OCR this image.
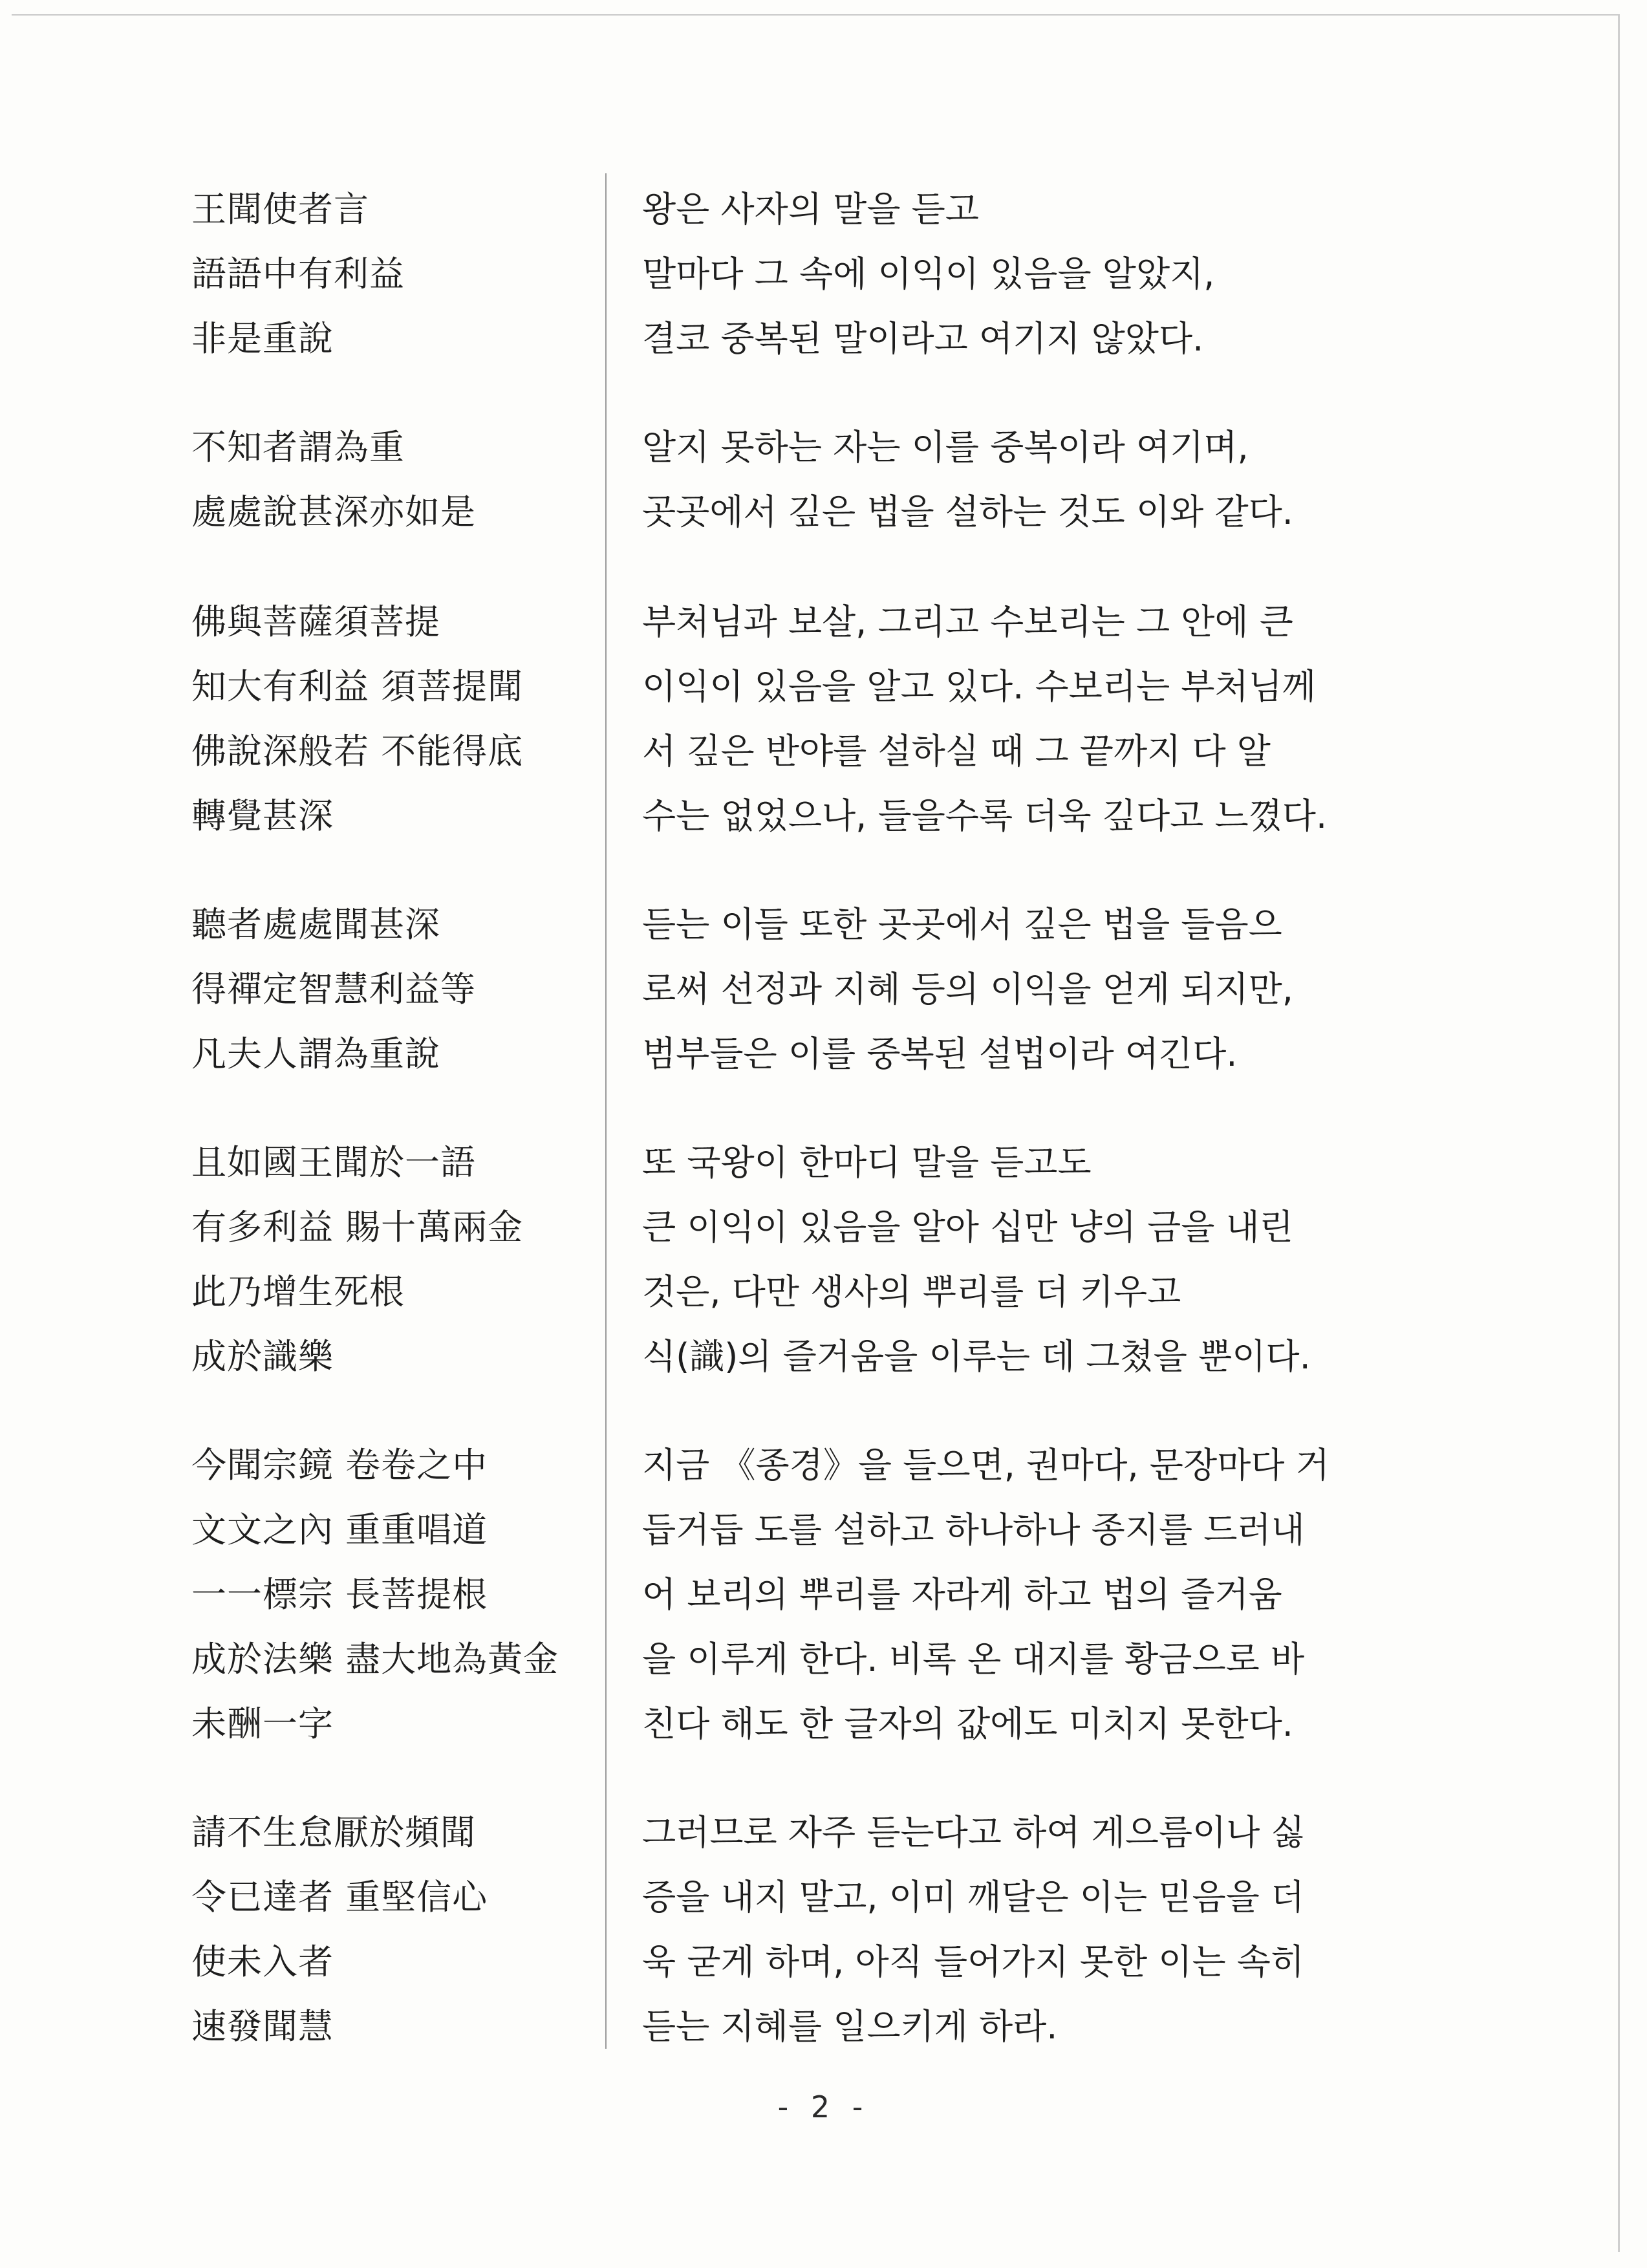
王聞使者言
語語中有利益
非是重說
不知者謂為重
處處說甚深亦如是
佛與菩薩須菩提
知大有利益 須菩提聞
佛說深般若 不能得底
轉覺甚深
聽者處處聞甚深
得禪定智慧利益等
凡夫人謂為重說
且如國王聞於一語
有多利益 賜十萬兩金
此乃增生死根
成於識樂
今聞宗鏡 卷卷之中
文文之內 重重唱道
一一標宗 長菩提根
成於法樂 盡大地為黃金
未酬一字
請不生怠厭於頻聞
令已達者 重堅信心
使未入者
速發聞慧
왕은 사자의 말을 듣고
말마다 그 속에 이익이 있음을 알았지,
결코 중복된 말이라고 여기지 않았다.
알지 못하는 자는 이를 중복이라 여기며,
곳곳에서 깊은 법을 설하는 것도 이와 같다.
부처님과 보살, 그리고 수보리는 그 안에 큰
이익이 있음을 알고 있다. 수보리는 부처님께
서 깊은 반야를 설하실 때 그 끝까지 다 알
수는 없었으나, 들을수록 더욱 깊다고 느꼈다.
듣는 이들 또한 곳곳에서 깊은 법을 들음으
로써 선정과 지혜 등의 이익을 얻게 되지만,
범부들은 이를 중복된 설법이라 여긴다.
또 국왕이 한마디 말을 듣고도
큰 이익이 있음을 알아 십만 냥의 금을 내린
것은, 다만 생사의 뿌리를 더 키우고
식(識)의 즐거움을 이루는 데 그쳤을 뿐이다.
지금 《종경》을 들으면, 권마다, 문장마다 거
듭거듭 도를 설하고 하나하나 종지를 드러내
어 보리의 뿌리를 자라게 하고 법의 즐거움
을 이루게 한다. 비록 온 대지를 황금으로 바
친다 해도 한 글자의 값에도 미치지 못한다.
그러므로 자주 듣는다고 하여 게으름이나 싫
증을 내지 말고, 이미 깨달은 이는 믿음을 더
욱 굳게 하며, 아직 들어가지 못한 이는 속히
듣는 지혜를 일으키게 하라.
- 2 -
